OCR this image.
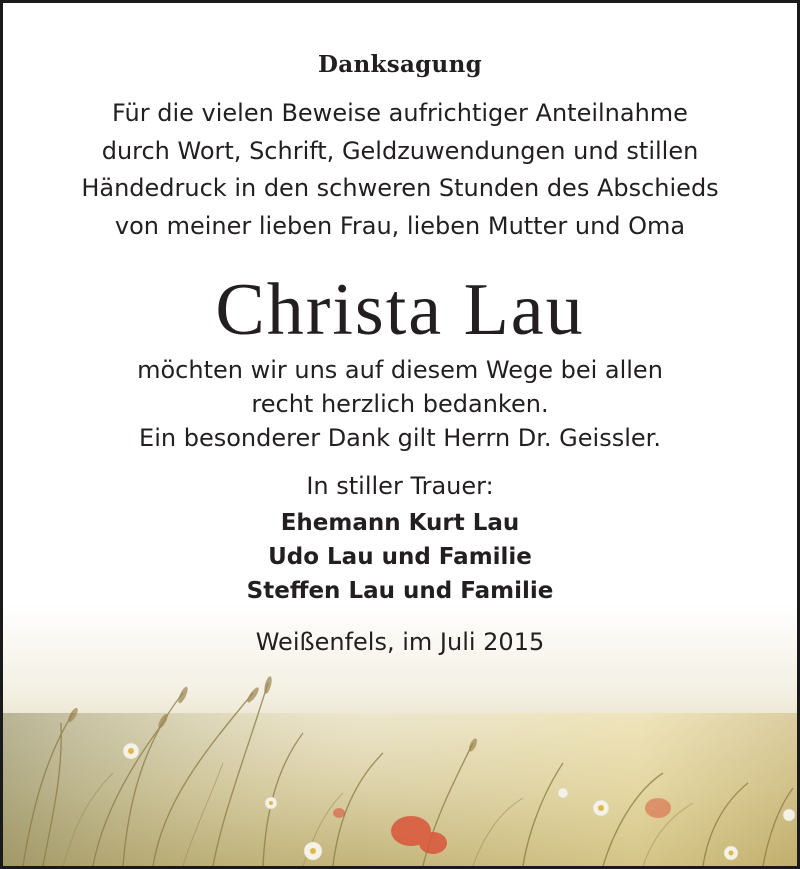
Danksagung
Für die vielen Beweise aufrichtiger Anteilnahme
durch Wort, Schrift, Geldzuwendungen und stillen
Händedruck in den schweren Stunden des Abschieds
von meiner lieben Frau, lieben Mutter und Oma
Christa Lau
möchten wir uns auf diesem Wege bei allen
recht herzlich bedanken.
Ein besonderer Dank gilt Herrn Dr. Geissler.
In stiller Trauer:
Ehemann Kurt Lau
Udo Lau und Familie
Steffen Lau und Familie
Weißenfels, im Juli 2015
